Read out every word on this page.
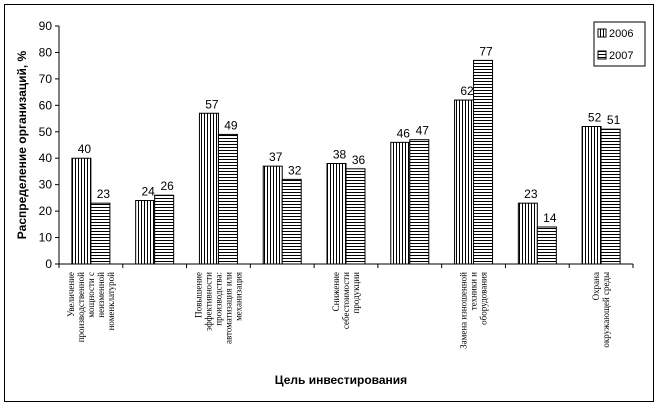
Распределение организаций, %
Цель инвестирования
0
10
20
30
40
50
60
70
80
90
40
24
57
37	38
46
62
23
52
23
26
49
32
36
47
77
14
51
Увеличение производственной мощности с неизменной номенклатурой	Повышение эффективности производства: автоматизация или механизация	Снижение себестоимости продукции	Замена изношенной техники и оборудования	Охрана окружающей среды
2006
2007
